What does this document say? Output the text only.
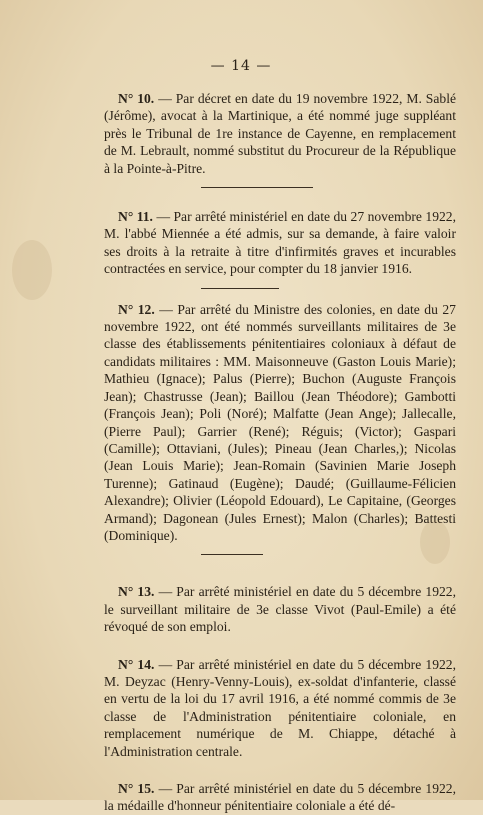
— 14 —

N° 10. — Par décret en date du 19 novembre 1922, M. Sablé (Jérôme), avocat à la Martinique, a été nommé juge suppléant près le Tribunal de 1re instance de Cayenne, en remplacement de M. Lebrault, nommé substitut du Procureur de la République à la Pointe-à-Pitre.

N° 11. — Par arrêté ministériel en date du 27 novembre 1922, M. l'abbé Miennée a été admis, sur sa demande, à faire valoir ses droits à la retraite à titre d'infirmités graves et incurables contractées en service, pour compter du 18 janvier 1916.

N° 12. — Par arrêté du Ministre des colonies, en date du 27 novembre 1922, ont été nommés surveillants militaires de 3e classe des établissements pénitentiaires coloniaux à défaut de candidats militaires : MM. Maisonneuve (Gaston Louis Marie); Mathieu (Ignace); Palus (Pierre); Buchon (Auguste François Jean); Chastrusse (Jean); Baillou (Jean Théodore); Gambotti (François Jean); Poli (Noré); Malfatte (Jean Ange); Jallecalle, (Pierre Paul); Garrier (René); Réguis; (Victor); Gaspari (Camille); Ottaviani, (Jules); Pineau (Jean Charles,); Nicolas (Jean Louis Marie); Jean-Romain (Savinien Marie Joseph Turenne); Gatinaud (Eugène); Daudé; (Guillaume-Félicien Alexandre); Olivier (Léopold Edouard), Le Capitaine, (Georges Armand); Dagonean (Jules Ernest); Malon (Charles); Battesti (Dominique).

N° 13. — Par arrêté ministériel en date du 5 décembre 1922, le surveillant militaire de 3e classe Vivot (Paul-Emile) a été révoqué de son emploi.

N° 14. — Par arrêté ministériel en date du 5 décembre 1922, M. Deyzac (Henry-Venny-Louis), ex-soldat d'infanterie, classé en vertu de la loi du 17 avril 1916, a été nommé commis de 3e classe de l'Administration pénitentiaire coloniale, en remplacement numérique de M. Chiappe, détaché à l'Administration centrale.

N° 15. — Par arrêté ministériel en date du 5 décembre 1922, la médaille d'honneur pénitentiaire coloniale a été dé-
